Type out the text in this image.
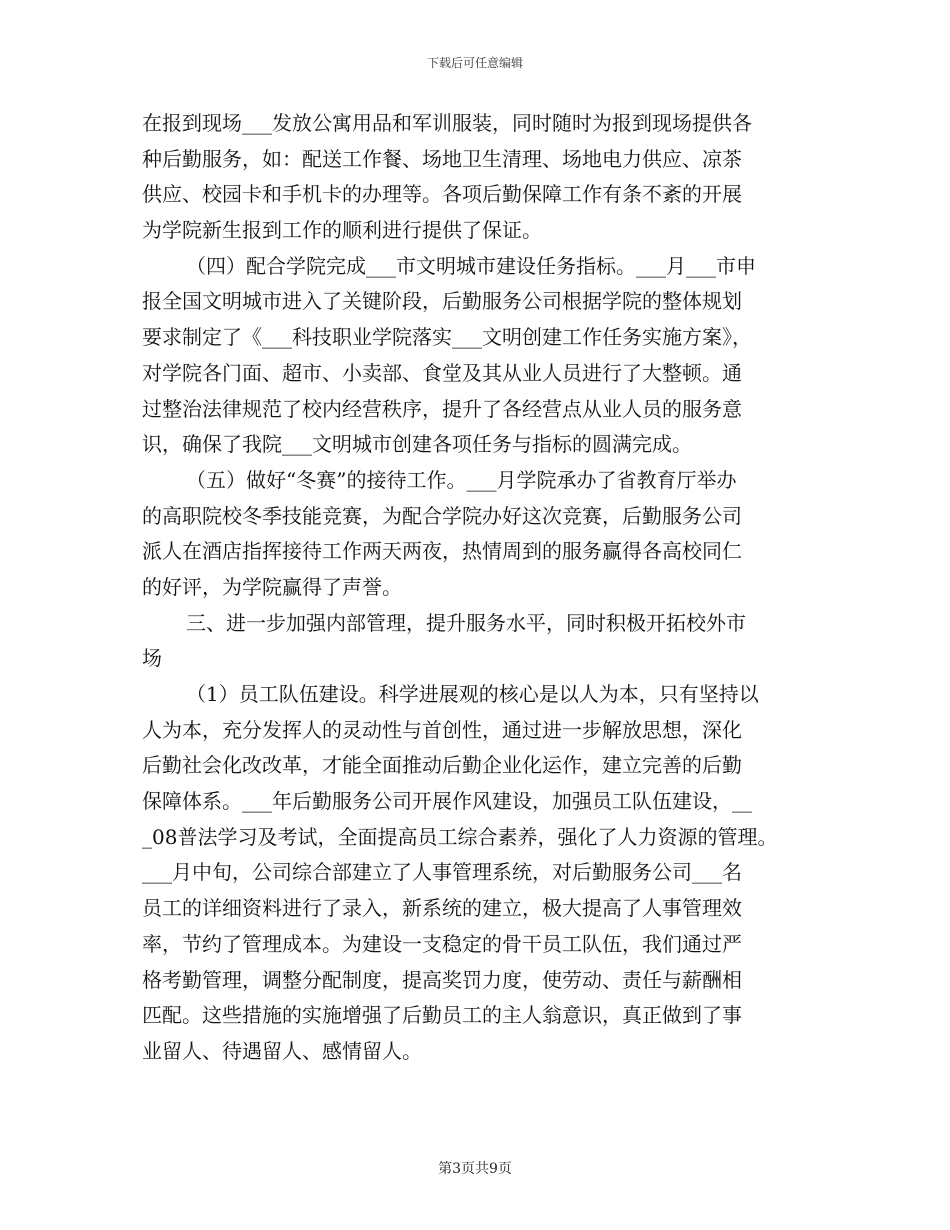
下载后可任意编辑
在报到现场___发放公寓用品和军训服装，同时随时为报到现场提供各
种后勤服务，如：配送工作餐、场地卫生清理、场地电力供应、凉茶
供应、校园卡和手机卡的办理等。各项后勤保障工作有条不紊的开展
为学院新生报到工作的顺利进行提供了保证。
（四）配合学院完成___市文明城市建设任务指标。___月___市申
报全国文明城市进入了关键阶段，后勤服务公司根据学院的整体规划
要求制定了《___科技职业学院落实___文明创建工作任务实施方案》，
对学院各门面、超市、小卖部、食堂及其从业人员进行了大整顿。通
过整治法律规范了校内经营秩序，提升了各经营点从业人员的服务意
识，确保了我院___文明城市创建各项任务与指标的圆满完成。
（五）做好“冬赛”的接待工作。___月学院承办了省教育厅举办
的高职院校冬季技能竞赛，为配合学院办好这次竞赛，后勤服务公司
派人在酒店指挥接待工作两天两夜，热情周到的服务赢得各高校同仁
的好评，为学院赢得了声誉。
三、进一步加强内部管理，提升服务水平，同时积极开拓校外市
场
（1）员工队伍建设。科学进展观的核心是以人为本，只有坚持以
人为本，充分发挥人的灵动性与首创性，通过进一步解放思想，深化
后勤社会化改改革，才能全面推动后勤企业化运作，建立完善的后勤
保障体系。___年后勤服务公司开展作风建设，加强员工队伍建设，__
_08普法学习及考试，全面提高员工综合素养，强化了人力资源的管理。
___月中旬，公司综合部建立了人事管理系统，对后勤服务公司___名
员工的详细资料进行了录入，新系统的建立，极大提高了人事管理效
率，节约了管理成本。为建设一支稳定的骨干员工队伍，我们通过严
格考勤管理，调整分配制度，提高奖罚力度，使劳动、责任与薪酬相
匹配。这些措施的实施增强了后勤员工的主人翁意识，真正做到了事
业留人、待遇留人、感情留人。
第3页共9页
